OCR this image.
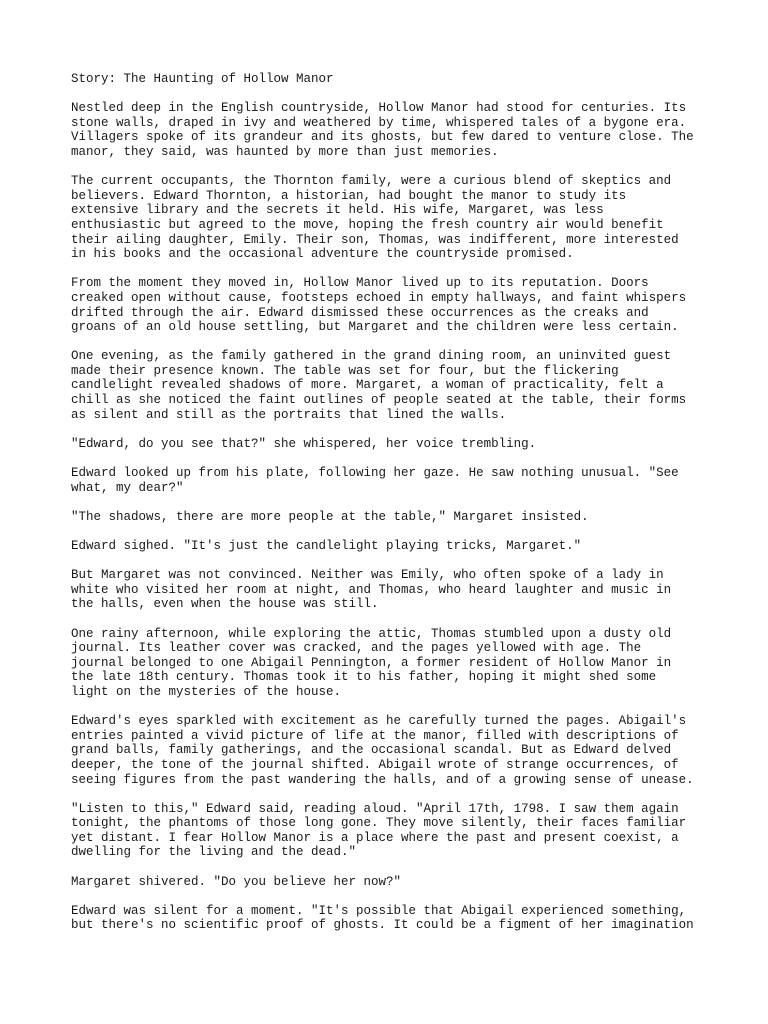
Story: The Haunting of Hollow Manor
Nestled deep in the English countryside, Hollow Manor had stood for centuries. Its
stone walls, draped in ivy and weathered by time, whispered tales of a bygone era.
Villagers spoke of its grandeur and its ghosts, but few dared to venture close. The
manor, they said, was haunted by more than just memories.
The current occupants, the Thornton family, were a curious blend of skeptics and
believers. Edward Thornton, a historian, had bought the manor to study its
extensive library and the secrets it held. His wife, Margaret, was less
enthusiastic but agreed to the move, hoping the fresh country air would benefit
their ailing daughter, Emily. Their son, Thomas, was indifferent, more interested
in his books and the occasional adventure the countryside promised.
From the moment they moved in, Hollow Manor lived up to its reputation. Doors
creaked open without cause, footsteps echoed in empty hallways, and faint whispers
drifted through the air. Edward dismissed these occurrences as the creaks and
groans of an old house settling, but Margaret and the children were less certain.
One evening, as the family gathered in the grand dining room, an uninvited guest
made their presence known. The table was set for four, but the flickering
candlelight revealed shadows of more. Margaret, a woman of practicality, felt a
chill as she noticed the faint outlines of people seated at the table, their forms
as silent and still as the portraits that lined the walls.
"Edward, do you see that?" she whispered, her voice trembling.
Edward looked up from his plate, following her gaze. He saw nothing unusual. "See
what, my dear?"
"The shadows, there are more people at the table," Margaret insisted.
Edward sighed. "It's just the candlelight playing tricks, Margaret."
But Margaret was not convinced. Neither was Emily, who often spoke of a lady in
white who visited her room at night, and Thomas, who heard laughter and music in
the halls, even when the house was still.
One rainy afternoon, while exploring the attic, Thomas stumbled upon a dusty old
journal. Its leather cover was cracked, and the pages yellowed with age. The
journal belonged to one Abigail Pennington, a former resident of Hollow Manor in
the late 18th century. Thomas took it to his father, hoping it might shed some
light on the mysteries of the house.
Edward's eyes sparkled with excitement as he carefully turned the pages. Abigail's
entries painted a vivid picture of life at the manor, filled with descriptions of
grand balls, family gatherings, and the occasional scandal. But as Edward delved
deeper, the tone of the journal shifted. Abigail wrote of strange occurrences, of
seeing figures from the past wandering the halls, and of a growing sense of unease.
"Listen to this," Edward said, reading aloud. "April 17th, 1798. I saw them again
tonight, the phantoms of those long gone. They move silently, their faces familiar
yet distant. I fear Hollow Manor is a place where the past and present coexist, a
dwelling for the living and the dead."
Margaret shivered. "Do you believe her now?"
Edward was silent for a moment. "It's possible that Abigail experienced something,
but there's no scientific proof of ghosts. It could be a figment of her imagination
